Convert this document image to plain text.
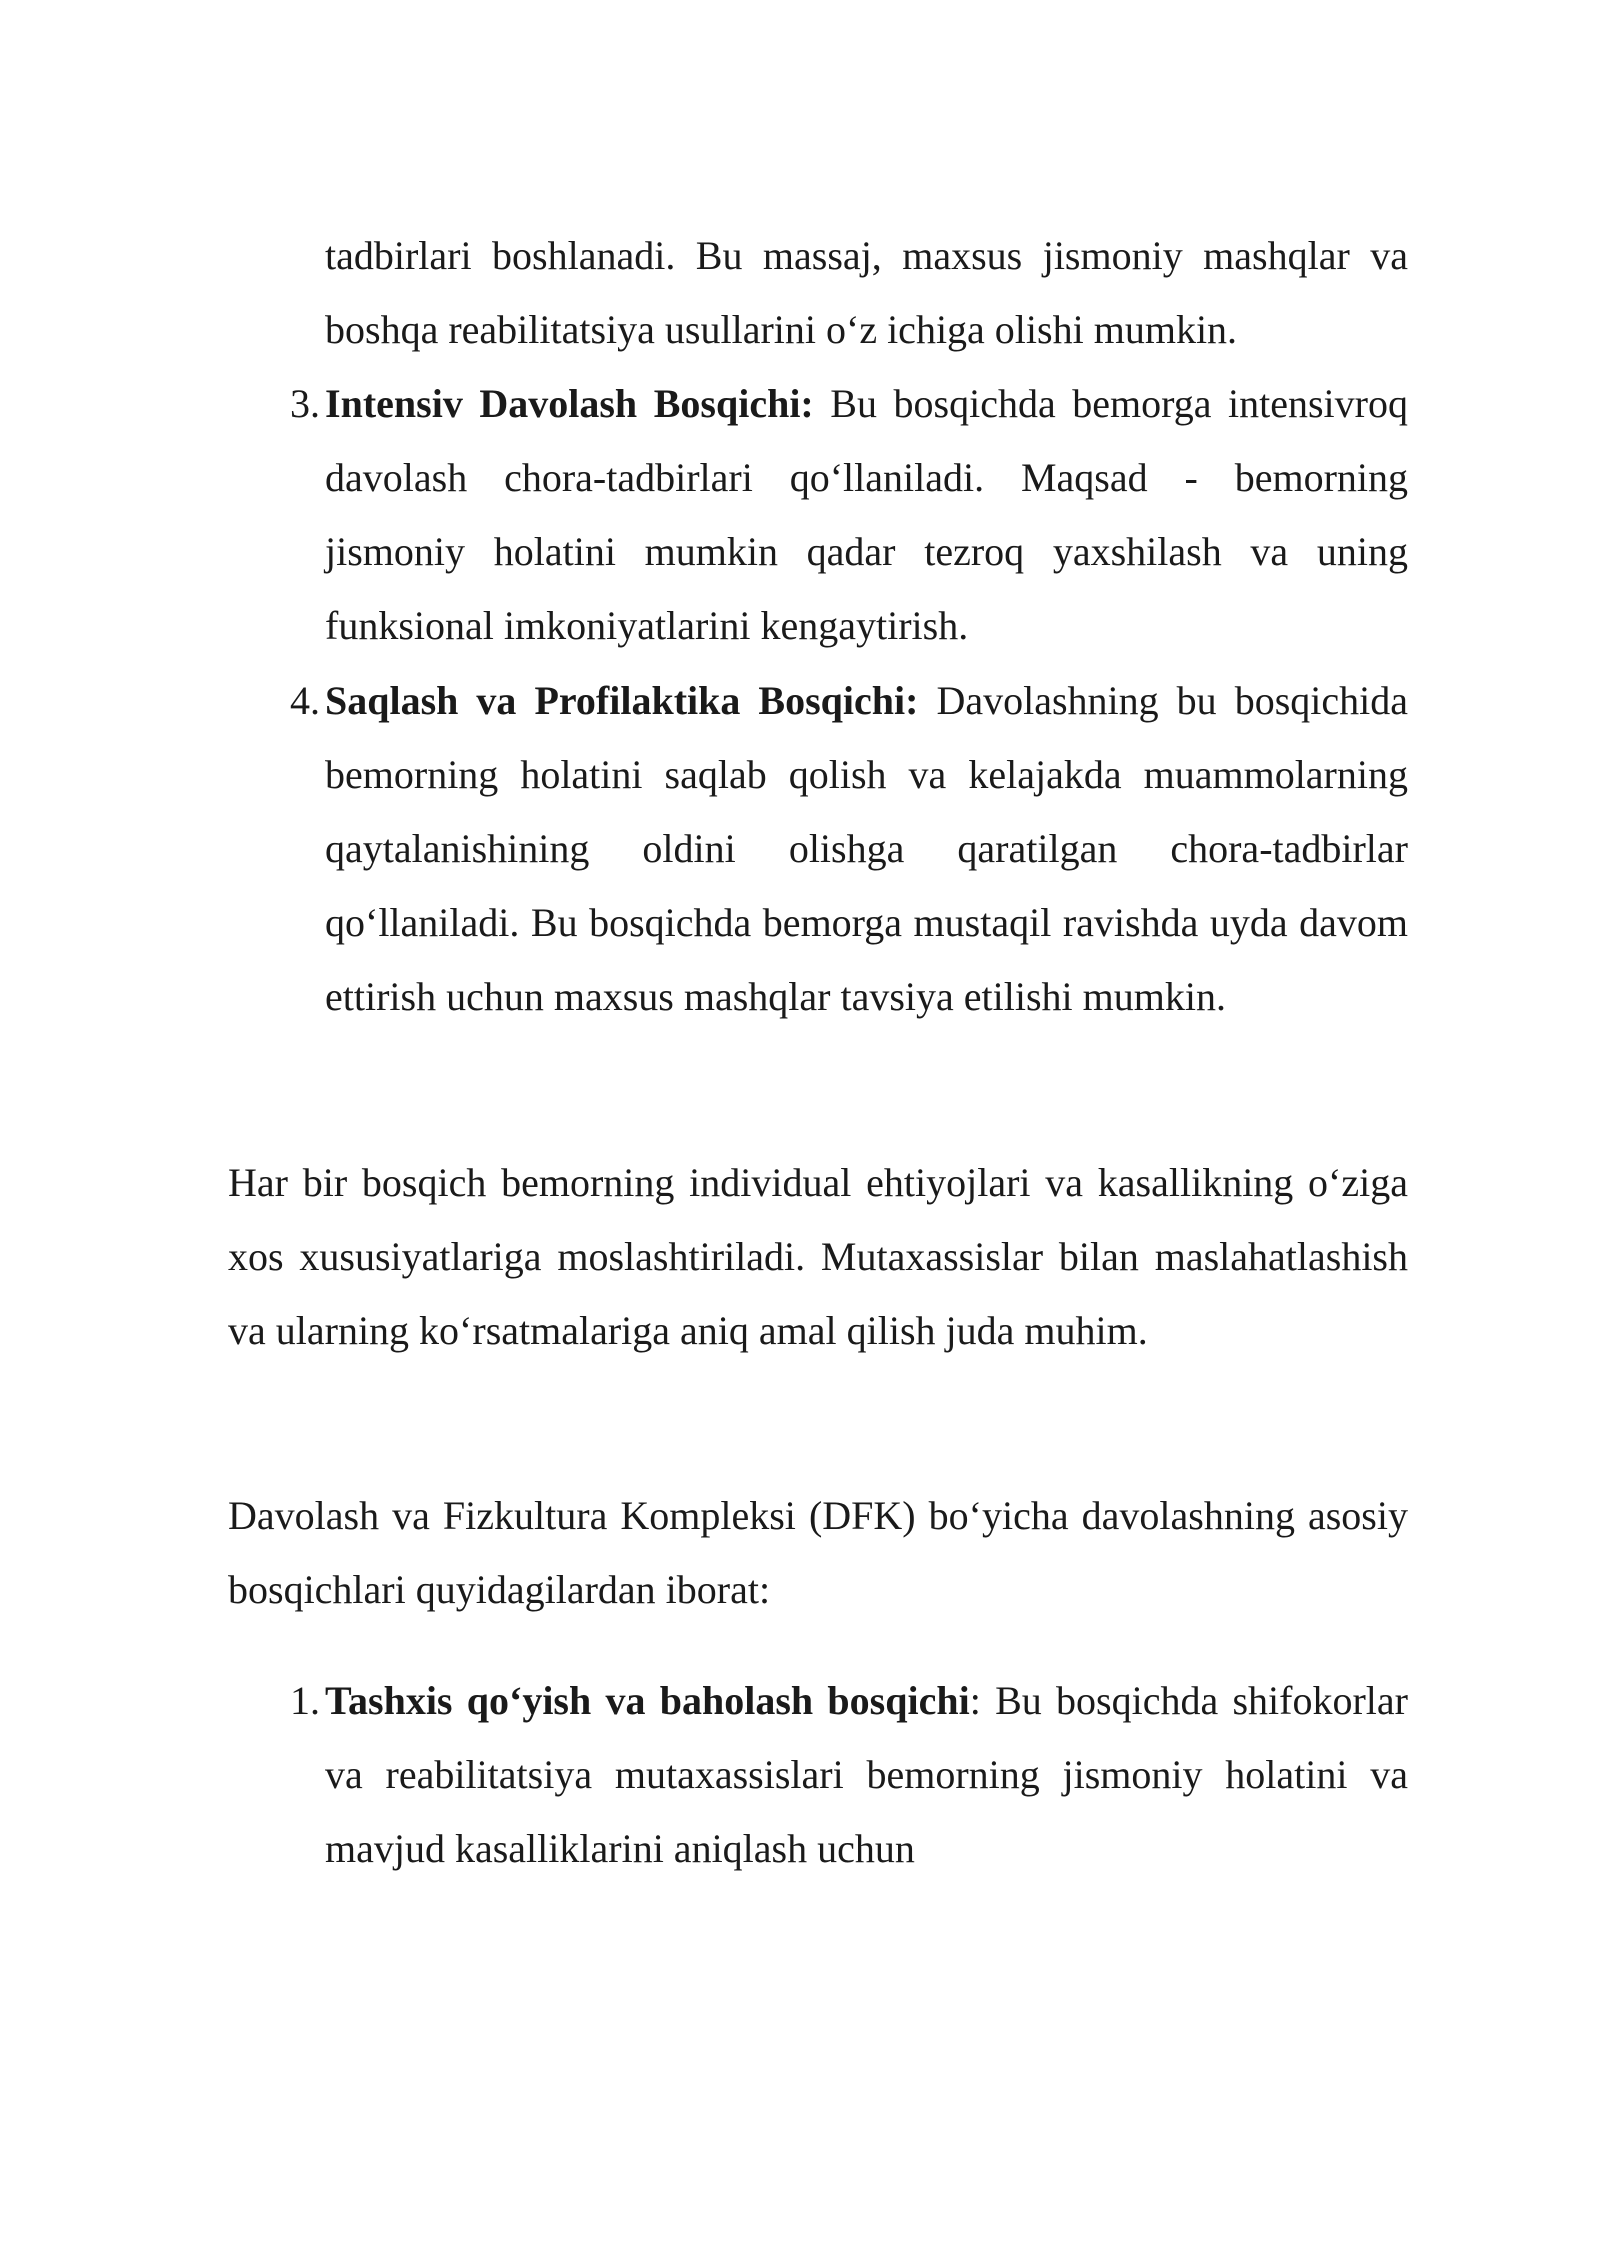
tadbirlari boshlanadi. Bu massaj, maxsus jismoniy mashqlar va boshqa reabilitatsiya usullarini o‘z ichiga olishi mumkin.

3. Intensiv Davolash Bosqichi: Bu bosqichda bemorga intensivroq davolash chora-tadbirlari qo‘llaniladi. Maqsad - bemorning jismoniy holatini mumkin qadar tezroq yaxshilash va uning funksional imkoniyatlarini kengaytirish.

4. Saqlash va Profilaktika Bosqichi: Davolashning bu bosqichida bemorning holatini saqlab qolish va kelajakda muammolarning qaytalanishining oldini olishga qaratilgan chora-tadbirlar qo‘llaniladi. Bu bosqichda bemorga mustaqil ravishda uyda davom ettirish uchun maxsus mashqlar tavsiya etilishi mumkin.

Har bir bosqich bemorning individual ehtiyojlari va kasallikning o‘ziga xos xususiyatlariga moslashtiriladi. Mutaxassislar bilan maslahatlashish va ularning ko‘rsatmalariga aniq amal qilish juda muhim.

Davolash va Fizkultura Kompleksi (DFK) bo‘yicha davolashning asosiy bosqichlari quyidagilardan iborat:

1. Tashxis qo‘yish va baholash bosqichi: Bu bosqichda shifokorlar va reabilitatsiya mutaxassislari bemorning jismoniy holatini va mavjud kasalliklarini aniqlash uchun
